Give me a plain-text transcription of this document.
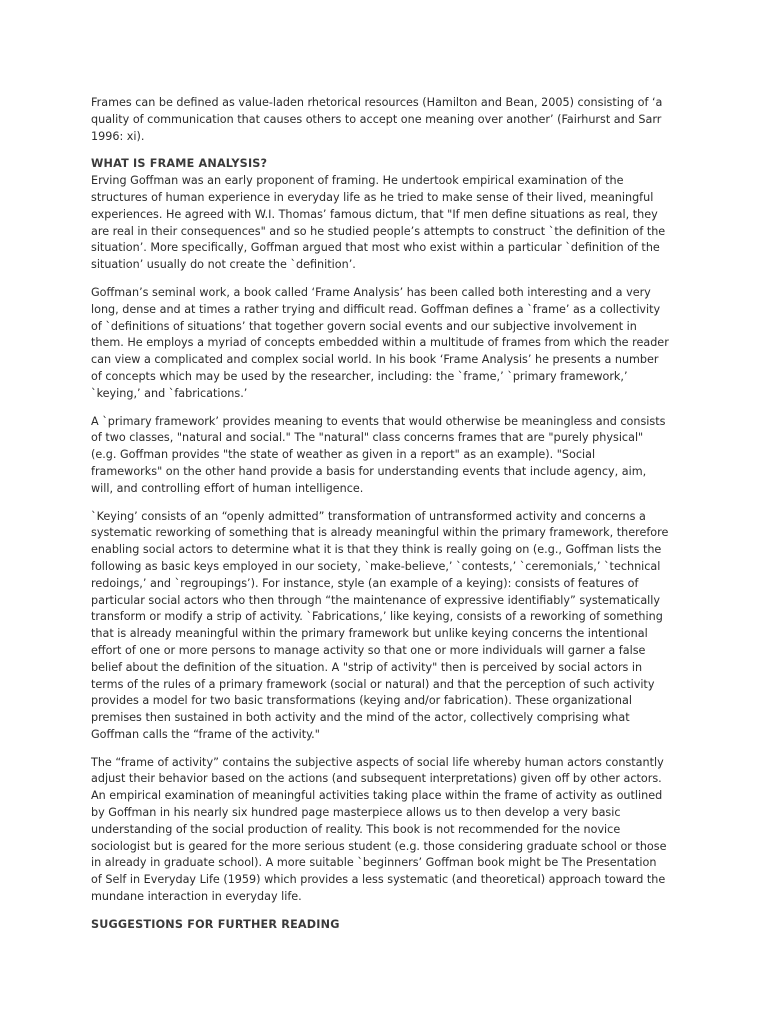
Frames can be defined as value-laden rhetorical resources (Hamilton and Bean, 2005) consisting of ‘a
quality of communication that causes others to accept one meaning over another’ (Fairhurst and Sarr
1996: xi).
WHAT IS FRAME ANALYSIS?
Erving Goffman was an early proponent of framing. He undertook empirical examination of the
structures of human experience in everyday life as he tried to make sense of their lived, meaningful
experiences. He agreed with W.I. Thomas’ famous dictum, that "If men define situations as real, they
are real in their consequences" and so he studied people’s attempts to construct `the definition of the
situation’. More specifically, Goffman argued that most who exist within a particular `definition of the
situation’ usually do not create the `definition’.
Goffman’s seminal work, a book called ‘Frame Analysis’ has been called both interesting and a very
long, dense and at times a rather trying and difficult read. Goffman defines a `frame’ as a collectivity
of `definitions of situations’ that together govern social events and our subjective involvement in
them. He employs a myriad of concepts embedded within a multitude of frames from which the reader
can view a complicated and complex social world. In his book ‘Frame Analysis’ he presents a number
of concepts which may be used by the researcher, including: the `frame,’ `primary framework,’
`keying,’ and `fabrications.’
A `primary framework’ provides meaning to events that would otherwise be meaningless and consists
of two classes, "natural and social." The "natural" class concerns frames that are "purely physical"
(e.g. Goffman provides "the state of weather as given in a report" as an example). "Social
frameworks" on the other hand provide a basis for understanding events that include agency, aim,
will, and controlling effort of human intelligence.
`Keying’ consists of an “openly admitted” transformation of untransformed activity and concerns a
systematic reworking of something that is already meaningful within the primary framework, therefore
enabling social actors to determine what it is that they think is really going on (e.g., Goffman lists the
following as basic keys employed in our society, `make-believe,’ `contests,’ `ceremonials,’ `technical
redoings,’ and `regroupings’). For instance, style (an example of a keying): consists of features of
particular social actors who then through “the maintenance of expressive identifiably” systematically
transform or modify a strip of activity. `Fabrications,’ like keying, consists of a reworking of something
that is already meaningful within the primary framework but unlike keying concerns the intentional
effort of one or more persons to manage activity so that one or more individuals will garner a false
belief about the definition of the situation. A "strip of activity" then is perceived by social actors in
terms of the rules of a primary framework (social or natural) and that the perception of such activity
provides a model for two basic transformations (keying and/or fabrication). These organizational
premises then sustained in both activity and the mind of the actor, collectively comprising what
Goffman calls the “frame of the activity."
The “frame of activity” contains the subjective aspects of social life whereby human actors constantly
adjust their behavior based on the actions (and subsequent interpretations) given off by other actors.
An empirical examination of meaningful activities taking place within the frame of activity as outlined
by Goffman in his nearly six hundred page masterpiece allows us to then develop a very basic
understanding of the social production of reality. This book is not recommended for the novice
sociologist but is geared for the more serious student (e.g. those considering graduate school or those
in already in graduate school). A more suitable `beginners’ Goffman book might be The Presentation
of Self in Everyday Life (1959) which provides a less systematic (and theoretical) approach toward the
mundane interaction in everyday life.
SUGGESTIONS FOR FURTHER READING
